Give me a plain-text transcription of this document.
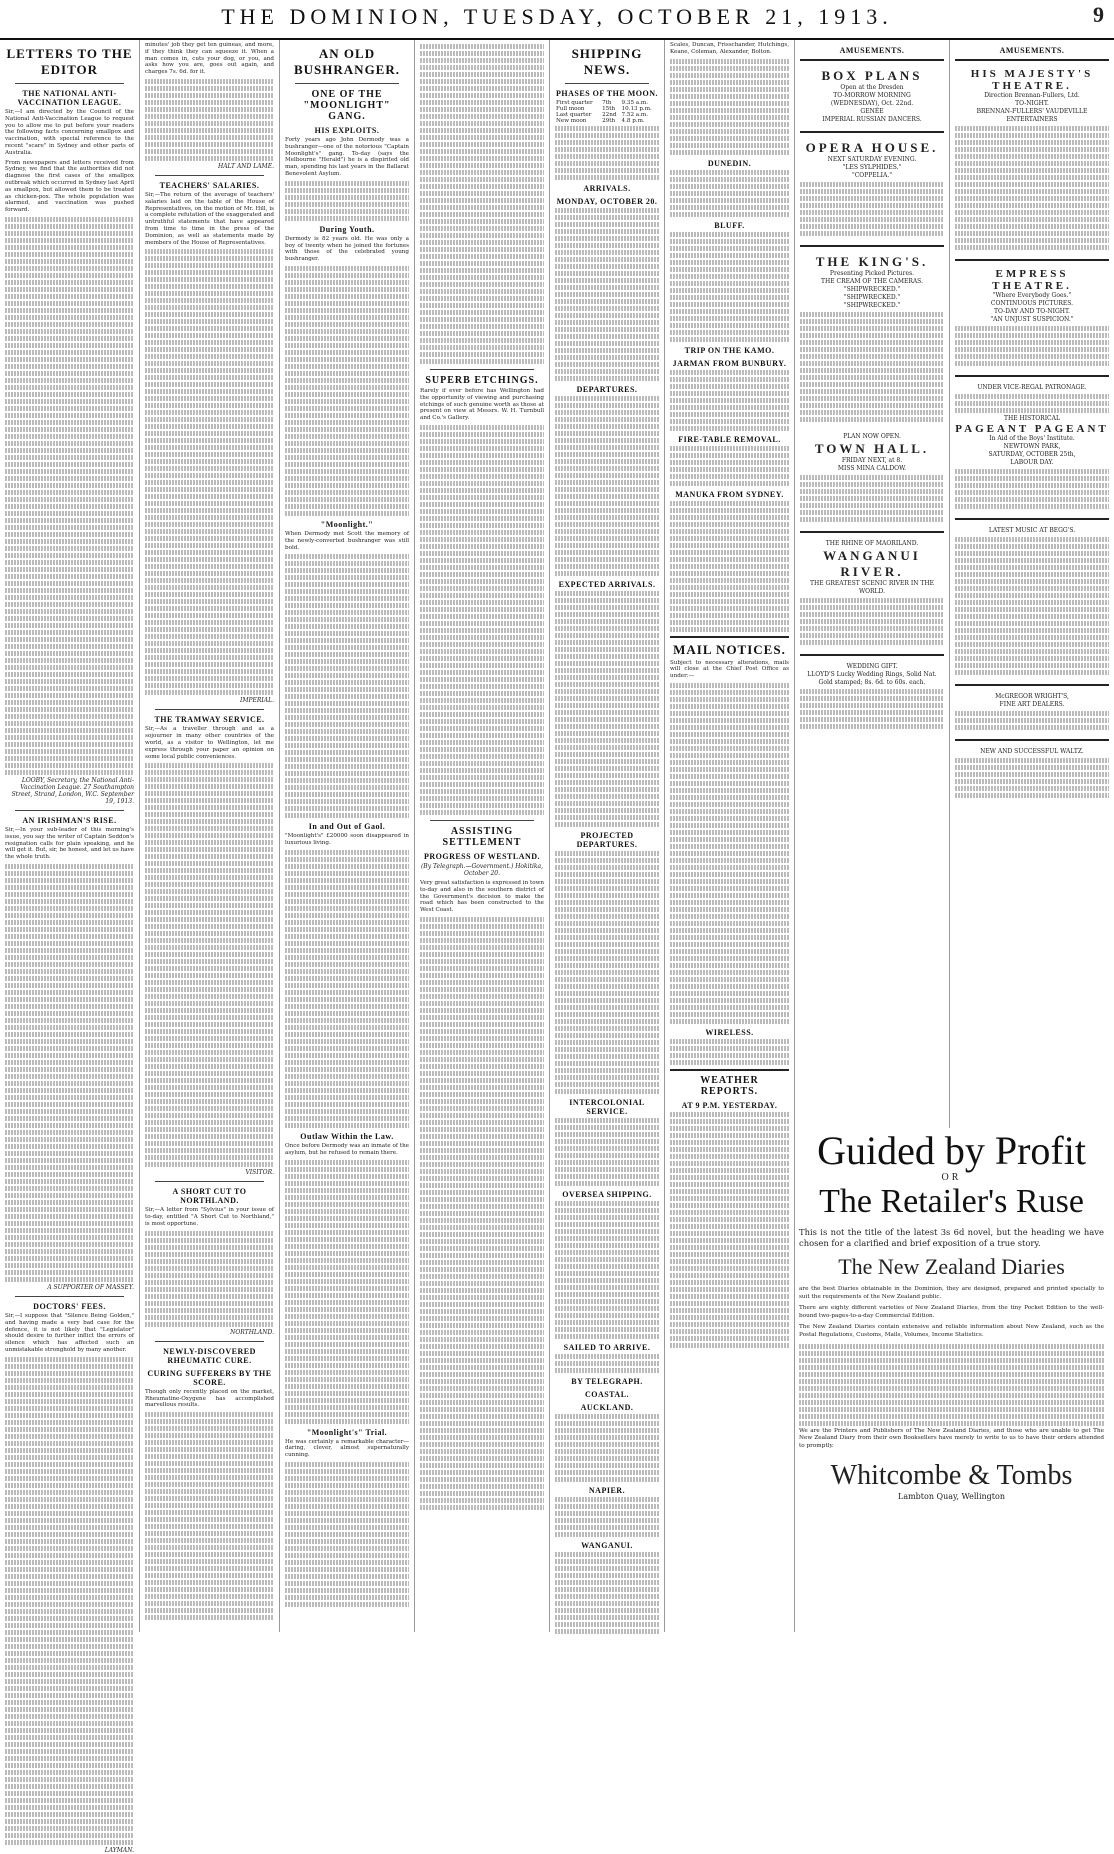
THE DOMINION, TUESDAY, OCTOBER 21, 1913.	9
LETTERS TO THE EDITOR
THE NATIONAL ANTI-VACCINATION LEAGUE.

Sir,—I am directed by the Council of the National Anti-Vaccination League to request you to allow me to put before your readers the following facts concerning smallpox and vaccination, with special reference to the recent "scare" in Sydney and other parts of Australia.

From newspapers and letters received from Sydney, we find that the authorities did not diagnose the first cases of the smallpox outbreak which occurred in Sydney last April as smallpox, but allowed them to be treated as chicken-pox. The whole population was alarmed, and vaccination was pushed forward.

LOOBY, Secretary, the National Anti-Vaccination League. 27 Southampton Street, Strand, London, W.C. September 19, 1913.
AN IRISHMAN'S RISE.

Sir,—In your sub-leader of this morning's issue, you say the writer of Captain Seddon's resignation calls for plain speaking, and he will get it. But, sir, be honest, and let us have the whole truth.

A SUPPORTER OF MASSEY.
DOCTORS' FEES.

Sir,—I suppose that "Silence Being Golden," and having made a very bad case for the defence, it is not likely that "Legislator" should desire to further inflict the errors of silence which has affected such an unmistakable stronghold by many another.

LAYMAN.

minutes' job they get ten guineas, and more, if they think they can squeeze it. When a man comes in, cuts your dog, or you, and asks how you are, goes out again, and charges 7s. 6d. for it.

HALT AND LAME.
TEACHERS' SALARIES.

Sir,—The return of the average of teachers' salaries laid on the table of the House of Representatives, on the motion of Mr. Hill, is a complete refutation of the exaggerated and untruthful statements that have appeared from time to time in the press of the Dominion, as well as statements made by members of the House of Representatives.

IMPERIAL.
THE TRAMWAY SERVICE.

Sir,—As a traveller through and as a sojourner in many other countries of the world, as a visitor to Wellington, let me express through your paper an opinion on some local public conveniences.

VISITOR.
A SHORT CUT TO NORTHLAND.

Sir,—A letter from "Sylvius" in your issue of to-day, entitled "A Short Cut to Northland," is most opportune.

NORTHLAND.
NEWLY-DISCOVERED RHEUMATIC CURE.
CURING SUFFERERS BY THE SCORE.

Though only recently placed on the market, Rheumatine-Oxygene has accomplished marvellous results.

AN OLD BUSHRANGER.
ONE OF THE "MOONLIGHT" GANG.
HIS EXPLOITS.

Forty years ago John Dermody was a bushranger—one of the notorious "Captain Moonlight's" gang. To-day (says the Melbourne "Herald") he is a dispirited old man, spending his last years in the Ballarat Benevolent Asylum.

During Youth.

Dermody is 82 years old. He was only a boy of twenty when he joined the fortunes with those of the celebrated young bushranger.

"Moonlight."

When Dermody met Scott the memory of the newly-converted bushranger was still bold.

In and Out of Gaol.

"Moonlight's" £20000 soon disappeared in luxurious living.

Outlaw Within the Law.

Once before Dermody was an inmate of the asylum, but he refused to remain there.

"Moonlight's" Trial.

He was certainly a remarkable character—daring, clever, almost supernaturally cunning.

SUPERB ETCHINGS.

Rarely if ever before has Wellington had the opportunity of viewing and purchasing etchings of such genuine worth as those at present on view at Messrs. W. H. Turnbull and Co.'s Gallery.

ASSISTING SETTLEMENT
PROGRESS OF WESTLAND.
(By Telegraph.—Government.) Hokitika, October 20.

Very great satisfaction is expressed in town to-day and also in the southern district of the Government's decision to make the road which has been constructed to the West Coast.

SHIPPING NEWS.
PHASES OF THE MOON.
First quarter	7th	9.35 a.m.
Full moon	15th	10.13 p.m.
Last quarter	22nd	7.52 a.m.
New moon	29th	4.8 p.m.
ARRIVALS.
MONDAY, OCTOBER 20.
DEPARTURES.
EXPECTED ARRIVALS.
PROJECTED DEPARTURES.
INTERCOLONIAL SERVICE.
OVERSEA SHIPPING.
SAILED TO ARRIVE.
BY TELEGRAPH.
COASTAL.
AUCKLAND.
NAPIER.
WANGANUI.

Scales, Duncan, Frisschander, Hutchings, Keane, Coleman, Alexander, Bolton.

DUNEDIN.
BLUFF.
TRIP ON THE KAMO.
JARMAN FROM BUNBURY.
FIRE-TABLE REMOVAL.
MANUKA FROM SYDNEY.
MAIL NOTICES.

Subject to necessary alterations, mails will close at the Chief Post Office as under:—

WIRELESS.
WEATHER REPORTS.
AT 9 P.M. YESTERDAY.
AMUSEMENTS.
BOX PLANS
Open at the Dresden
TO-MORROW MORNING
(WEDNESDAY), Oct. 22nd.
GENÉE
IMPERIAL RUSSIAN DANCERS.
OPERA HOUSE.
NEXT SATURDAY EVENING.
"LES SYLPHIDES."
"COPPELIA."
THE KING'S.
Presenting Picked Pictures.
THE CREAM OF THE CAMERAS.
"SHIPWRECKED."
"SHIPWRECKED."
"SHIPWRECKED."
PLAN NOW OPEN.
TOWN HALL.
FRIDAY NEXT, at 8.
MISS MINA CALDOW.
THE RHINE OF MAORILAND.
WANGANUI RIVER.
THE GREATEST SCENIC RIVER IN THE WORLD.
WEDDING GIFT.
LLOYD'S Lucky Wedding Rings, Solid Nat. Gold stamped; 8s. 6d. to 60s. each.
AMUSEMENTS.
HIS MAJESTY'S THEATRE.
Direction Brennan-Fullers, Ltd.
TO-NIGHT.
BRENNAN-FULLERS' VAUDEVILLE ENTERTAINERS
EMPRESS THEATRE.
"Where Everybody Goes."
CONTINUOUS PICTURES.
TO-DAY AND TO-NIGHT.
"AN UNJUST SUSPICION."
UNDER VICE-REGAL PATRONAGE.
THE HISTORICAL
PAGEANT PAGEANT
In Aid of the Boys' Institute.
NEWTOWN PARK,
SATURDAY, OCTOBER 25th,
LABOUR DAY.
LATEST MUSIC AT BEGG'S.
McGREGOR WRIGHT'S,
FINE ART DEALERS.
NEW AND SUCCESSFUL WALTZ.
Guided by Profit
OR
The Retailer's Ruse
This is not the title of the latest 3s 6d novel, but the heading we have chosen for a clarified and brief exposition of a true story.
The New Zealand Diaries
are the best Diaries obtainable in the Dominion, they are designed, prepared and printed specially to suit the requirements of the New Zealand public.
There are eighty different varieties of New Zealand Diaries, from the tiny Pocket Edition to the well-bound two-pages-to-a-day Commercial Edition.
The New Zealand Diaries contain extensive and reliable information about New Zealand, such as the Postal Regulations, Customs, Mails, Volumes, Income Statistics.
We are the Printers and Publishers of The New Zealand Diaries, and those who are unable to get The New Zealand Diary from their own Booksellers have merely to write to us to have their orders attended to promptly.
Whitcombe & Tombs
Lambton Quay, Wellington
